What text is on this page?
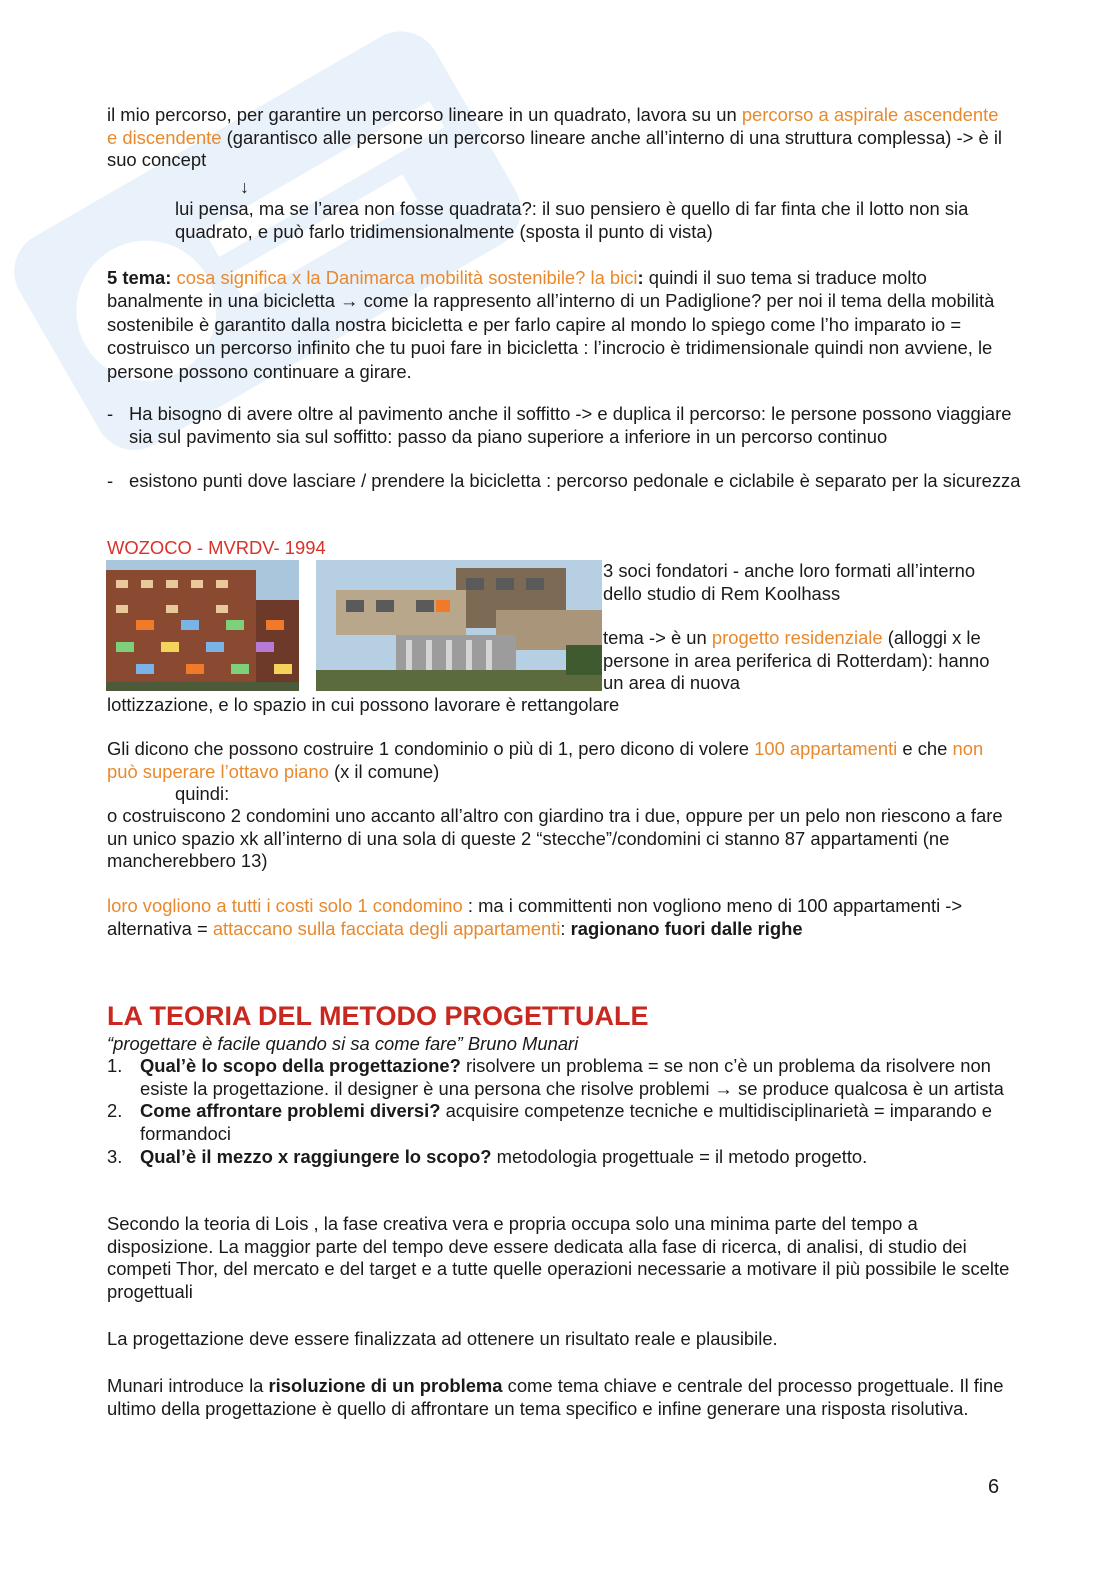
il mio percorso, per garantire un percorso lineare in un quadrato, lavora su un percorso a aspirale ascendente e discendente (garantisco alle persone un percorso lineare anche all’interno di una struttura complessa) -> è il suo concept

↓

lui pensa, ma se l’area non fosse quadrata?: il suo pensiero è quello di far finta che il lotto non sia quadrato, e può farlo tridimensionalmente (sposta il punto di vista)

5 tema: cosa significa x la Danimarca mobilità sostenibile? la bici: quindi il suo tema si traduce molto banalmente in una bicicletta → come la rappresento all’interno di un Padiglione? per noi il tema della mobilità sostenibile è garantito dalla nostra bicicletta e per farlo capire al mondo lo spiego come l’ho imparato io = costruisco un percorso infinito che tu puoi fare in bicicletta : l’incrocio è tridimensionale quindi non avviene, le persone possono continuare a girare.

- Ha bisogno di avere oltre al pavimento anche il soffitto -> e duplica il percorso: le persone possono viaggiare sia sul pavimento sia sul soffitto: passo da piano superiore a inferiore in un percorso continuo
- esistono punti dove lasciare / prendere la bicicletta : percorso pedonale e ciclabile è separato per la sicurezza

WOZOCO - MVRDV- 1994

3 soci fondatori - anche loro formati all’interno dello studio di Rem Koolhass

tema -> è un progetto residenziale (alloggi x le persone in area periferica di Rotterdam): hanno un area di nuova

lottizzazione, e lo spazio in cui possono lavorare è rettangolare

Gli dicono che possono costruire 1 condominio o più di 1, pero dicono di volere 100 appartamenti e che non può superare l’ottavo piano (x il comune)

quindi:

o costruiscono 2 condomini uno accanto all’altro con giardino tra i due, oppure per un pelo non riescono a fare un unico spazio xk all’interno di una sola di queste 2 “stecche”/condomini ci stanno 87 appartamenti (ne mancherebbero 13)

loro vogliono a tutti i costi solo 1 condomino : ma i committenti non vogliono meno di 100 appartamenti -> alternativa = attaccano sulla facciata degli appartamenti: ragionano fuori dalle righe

LA TEORIA DEL METODO PROGETTUALE

“progettare è facile quando si sa come fare” Bruno Munari

1. Qual’è lo scopo della progettazione? risolvere un problema = se non c’è un problema da risolvere non esiste la progettazione. il designer è una persona che risolve problemi → se produce qualcosa è un artista
2. Come affrontare problemi diversi? acquisire competenze tecniche e multidisciplinarietà = imparando e formandoci
3. Qual’è il mezzo x raggiungere lo scopo? metodologia progettuale = il metodo progetto.

Secondo la teoria di Lois , la fase creativa vera e propria occupa solo una minima parte del tempo a disposizione. La maggior parte del tempo deve essere dedicata alla fase di ricerca, di analisi, di studio dei competi Thor, del mercato e del target e a tutte quelle operazioni necessarie a motivare il più possibile le scelte progettuali

La progettazione deve essere finalizzata ad ottenere un risultato reale e plausibile.

Munari introduce la risoluzione di un problema come tema chiave e centrale del processo progettuale. Il fine ultimo della progettazione è quello di affrontare un tema specifico e infine generare una risposta risolutiva.

6
